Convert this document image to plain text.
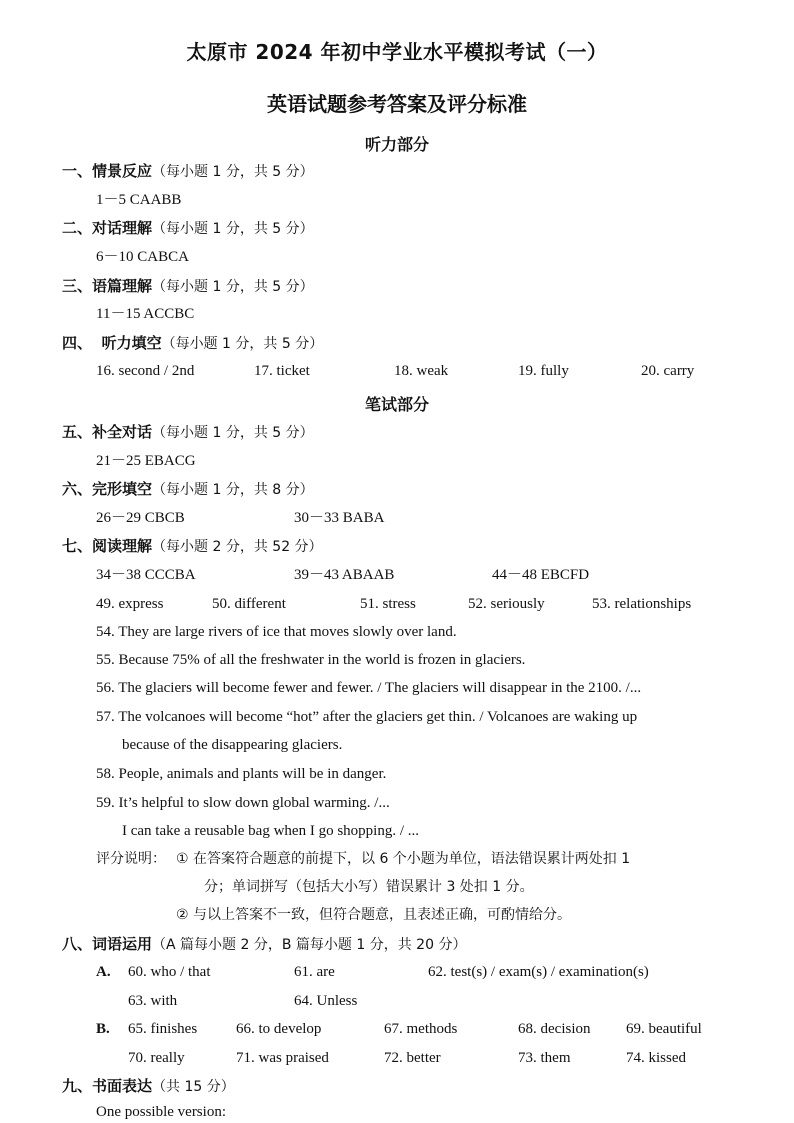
太原市 2024 年初中学业水平模拟考试（一）
英语试题参考答案及评分标准
听力部分
一、情景反应（每小题 1 分，共 5 分）
1－5 CAABB
二、对话理解（每小题 1 分，共 5 分）
6－10 CABCA
三、语篇理解（每小题 1 分，共 5 分）
11－15 ACCBC
四、 听力填空（每小题 1 分，共 5 分）
16. second / 2nd	17. ticket	18. weak	19. fully	20. carry
笔试部分
五、补全对话（每小题 1 分，共 5 分）
21－25 EBACG
六、完形填空（每小题 1 分，共 8 分）
26－29 CBCB	30－33 BABA
七、阅读理解（每小题 2 分，共 52 分）
34－38 CCCBA	39－43 ABAAB	44－48 EBCFD
49. express	50. different	51. stress	52. seriously	53. relationships
54. They are large rivers of ice that moves slowly over land.
55. Because 75% of all the freshwater in the world is frozen in glaciers.
56. The glaciers will become fewer and fewer. / The glaciers will disappear in the 2100. /...
57. The volcanoes will become “hot” after the glaciers get thin. / Volcanoes are waking up
because of the disappearing glaciers.
58. People, animals and plants will be in danger.
59. It’s helpful to slow down global warming. /...
I can take a reusable bag when I go shopping. / ...
评分说明： ① 在答案符合题意的前提下，以 6 个小题为单位，语法错误累计两处扣 1
分；单词拼写（包括大小写）错误累计 3 处扣 1 分。
② 与以上答案不一致，但符合题意，且表述正确，可酌情给分。
八、词语运用（A 篇每小题 2 分，B 篇每小题 1 分，共 20 分）
A. 60. who / that	61. are	62. test(s) / exam(s) / examination(s)
63. with	64. Unless
B. 65. finishes	66. to develop	67. methods	68. decision 69. beautiful
70. really	71. was praised	72. better	73. them	74. kissed
九、书面表达（共 15 分）
One possible version:
